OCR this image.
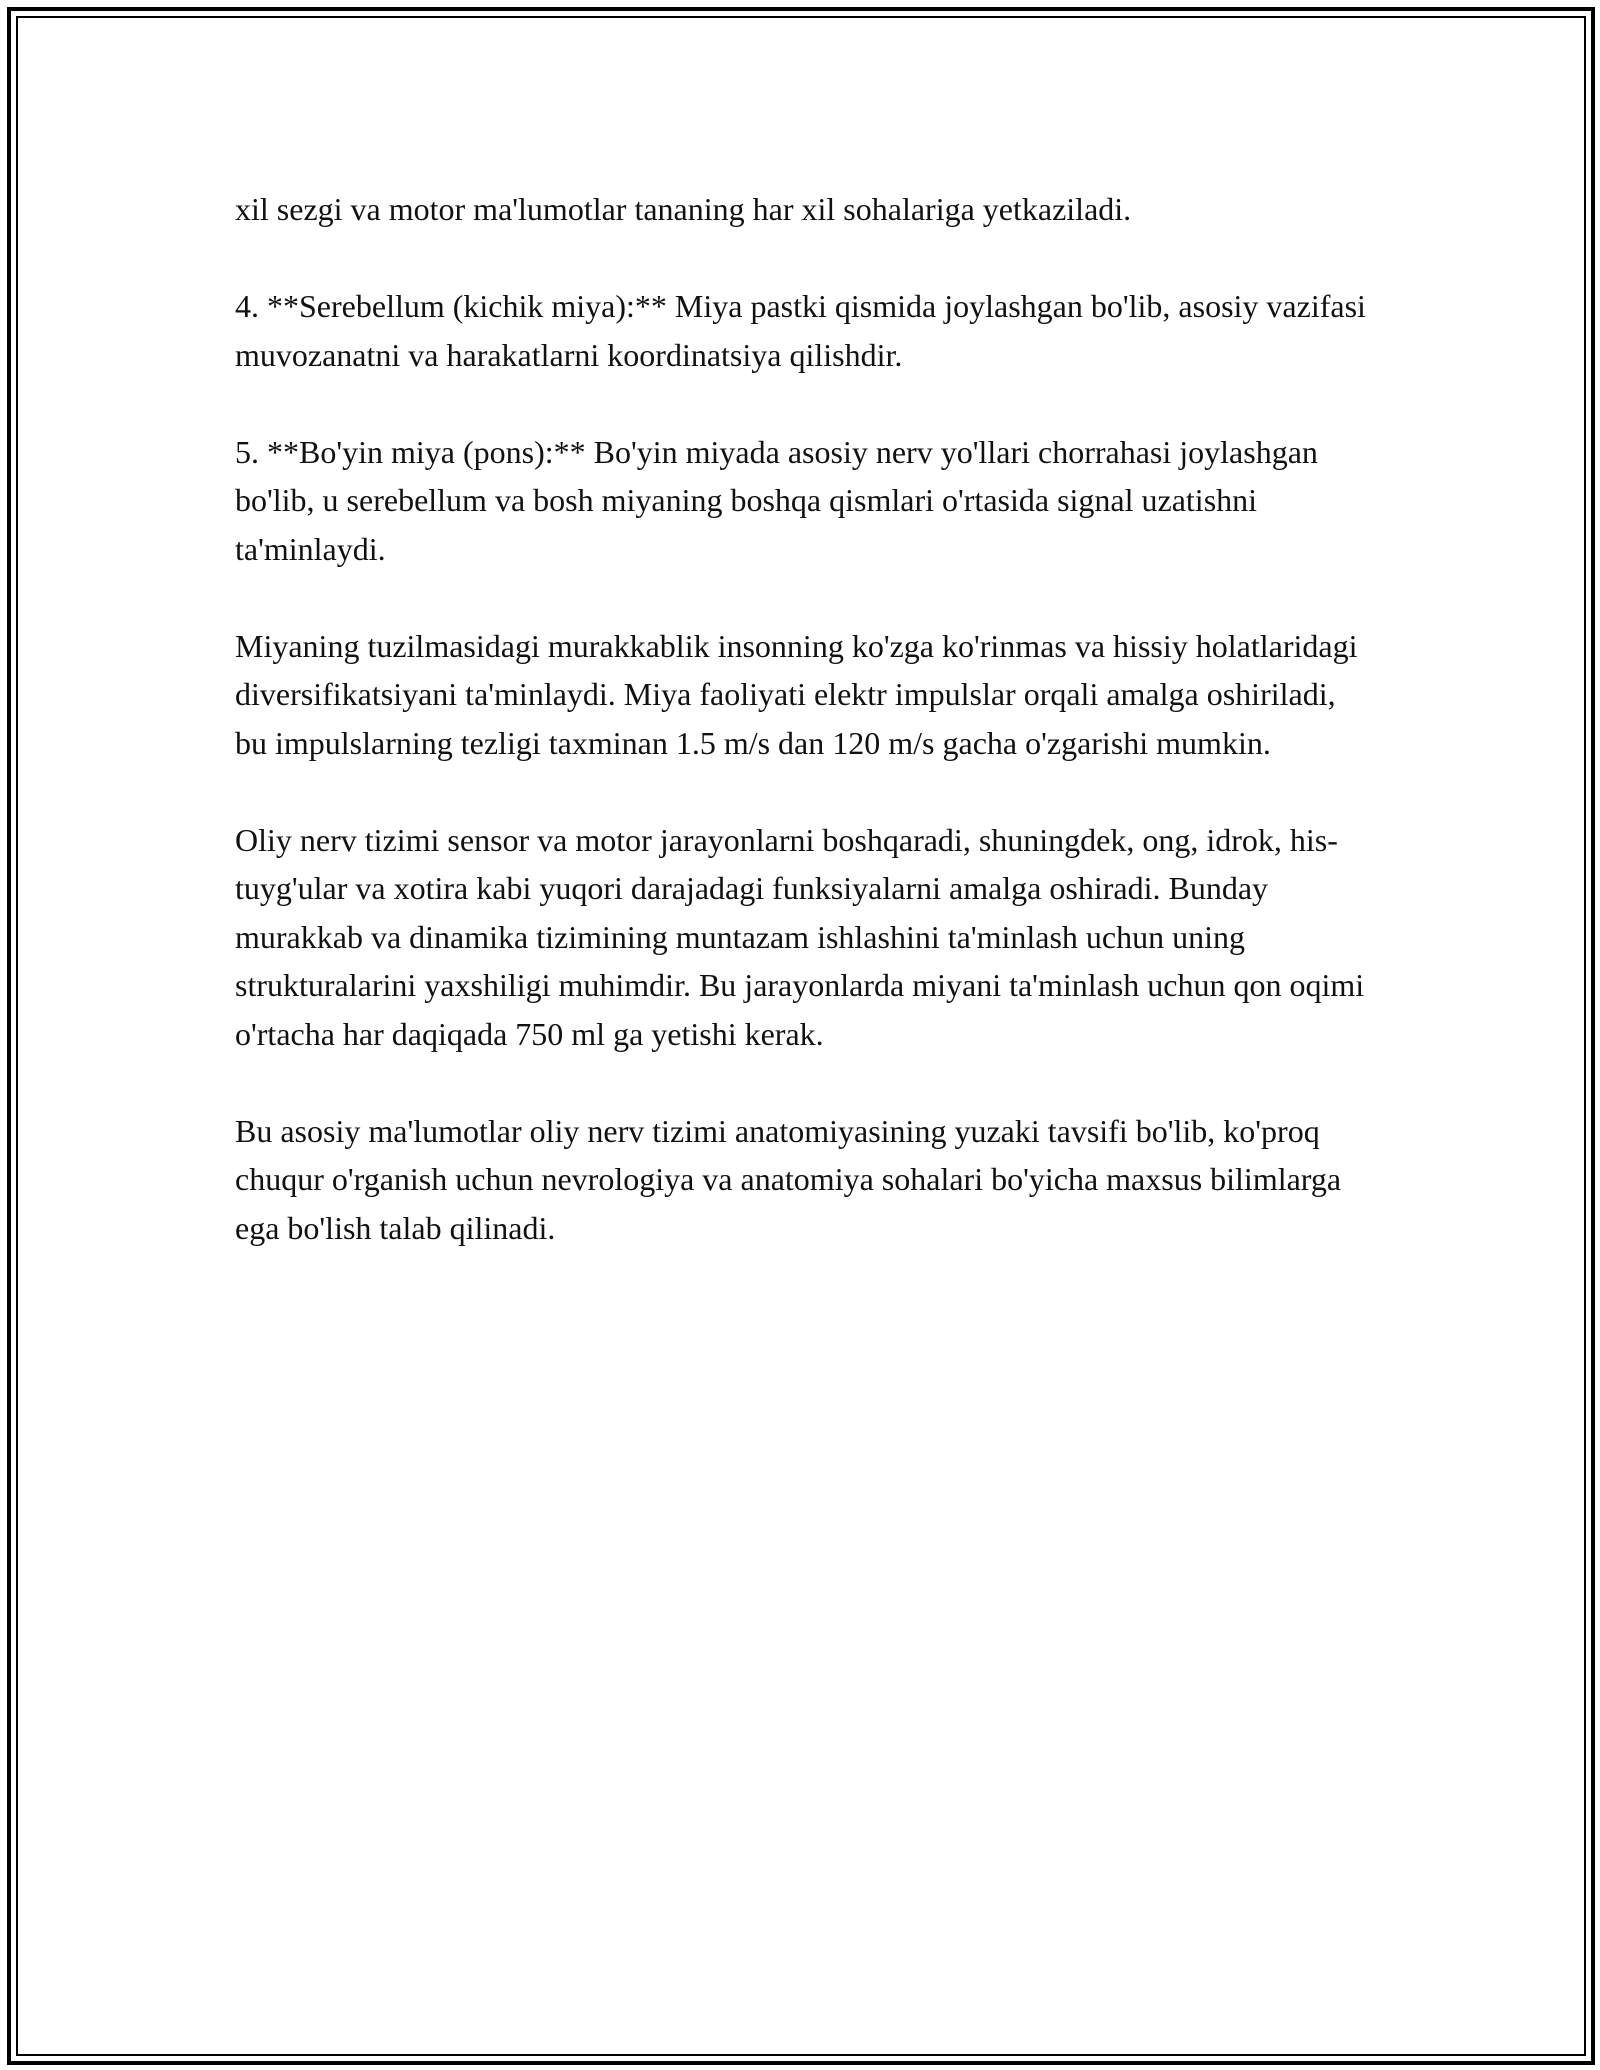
xil sezgi va motor ma'lumotlar tananing har xil sohalariga yetkaziladi.

4. **Serebellum (kichik miya):** Miya pastki qismida joylashgan bo'lib, asosiy vazifasi muvozanatni va harakatlarni koordinatsiya qilishdir.

5. **Bo'yin miya (pons):** Bo'yin miyada asosiy nerv yo'llari chorrahasi joylashgan bo'lib, u serebellum va bosh miyaning boshqa qismlari o'rtasida signal uzatishni ta'minlaydi.

Miyaning tuzilmasidagi murakkablik insonning ko'zga ko'rinmas va hissiy holatlaridagi diversifikatsiyani ta'minlaydi. Miya faoliyati elektr impulslar orqali amalga oshiriladi, bu impulslarning tezligi taxminan 1.5 m/s dan 120 m/s gacha o'zgarishi mumkin.

Oliy nerv tizimi sensor va motor jarayonlarni boshqaradi, shuningdek, ong, idrok, his-tuyg'ular va xotira kabi yuqori darajadagi funksiyalarni amalga oshiradi. Bunday murakkab va dinamika tizimining muntazam ishlashini ta'minlash uchun uning strukturalarini yaxshiligi muhimdir. Bu jarayonlarda miyani ta'minlash uchun qon oqimi o'rtacha har daqiqada 750 ml ga yetishi kerak.

Bu asosiy ma'lumotlar oliy nerv tizimi anatomiyasining yuzaki tavsifi bo'lib, ko'proq chuqur o'rganish uchun nevrologiya va anatomiya sohalari bo'yicha maxsus bilimlarga ega bo'lish talab qilinadi.
